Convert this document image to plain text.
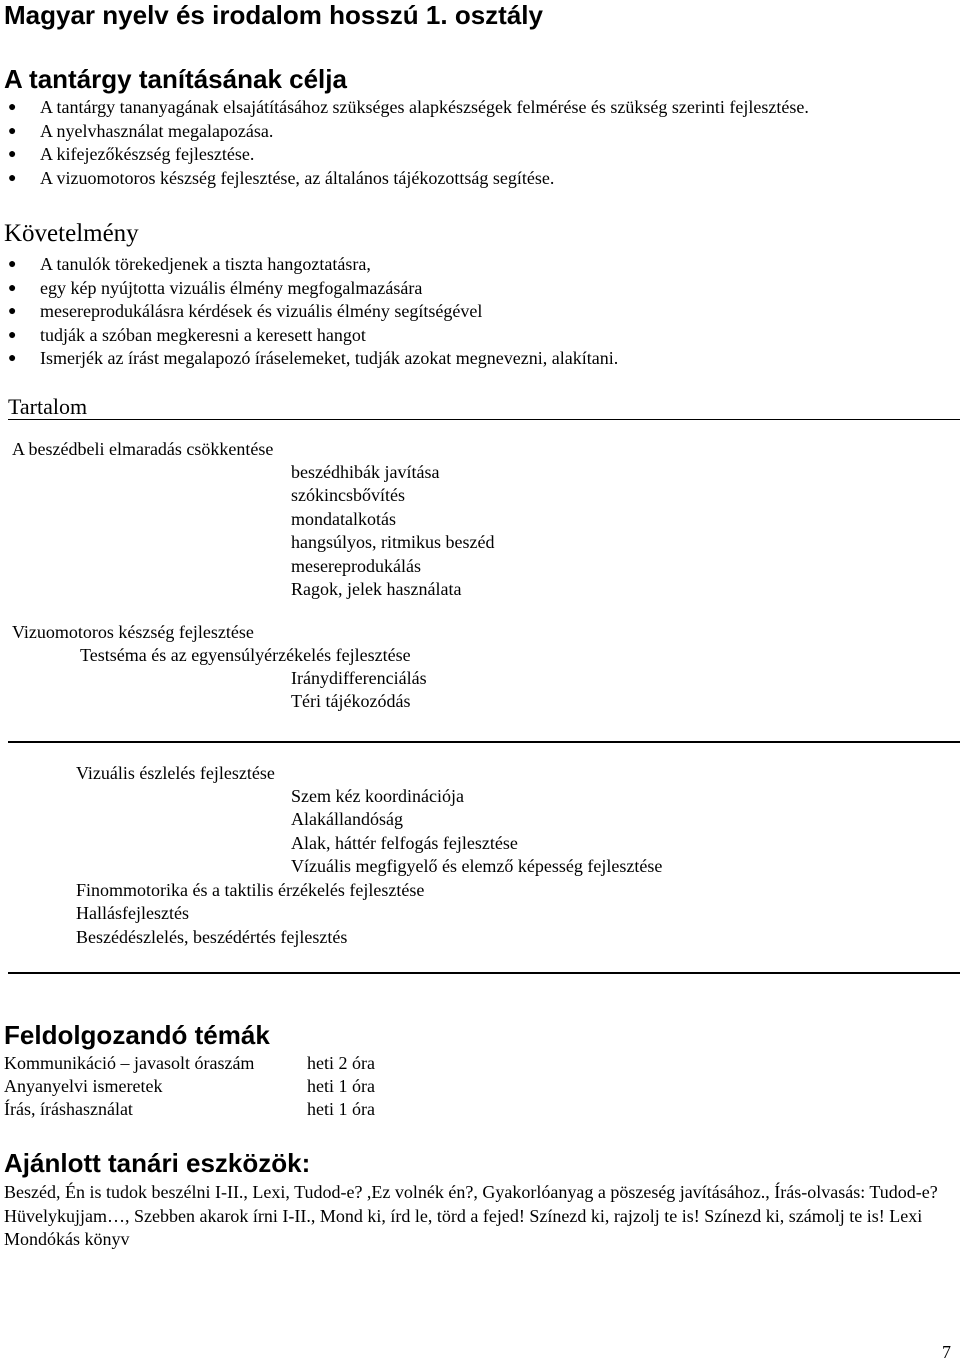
Magyar nyelv és irodalom hosszú 1. osztály
A tantárgy tanításának célja
● A tantárgy tananyagának elsajátításához szükséges alapkészségek felmérése és szükség szerinti fejlesztése.
● A nyelvhasználat megalapozása.
● A kifejezőkészség fejlesztése.
● A vizuomotoros készség fejlesztése, az általános tájékozottság segítése.
Követelmény
● A tanulók törekedjenek a tiszta hangoztatásra,
● egy kép nyújtotta vizuális élmény megfogalmazására
● mesereprodukálásra kérdések és vizuális élmény segítségével
● tudják a szóban megkeresni a keresett hangot
● Ismerjék az írást megalapozó íráselemeket, tudják azokat megnevezni, alakítani.
Tartalom
A beszédbeli elmaradás csökkentése
beszédhibák javítása
szókincsbővítés
mondatalkotás
hangsúlyos, ritmikus beszéd
mesereprodukálás
Ragok, jelek használata
Vizuomotoros készség fejlesztése
Testséma és az egyensúlyérzékelés fejlesztése
Iránydifferenciálás
Téri tájékozódás
Vizuális észlelés fejlesztése
Szem kéz koordinációja
Alakállandóság
Alak, háttér felfogás fejlesztése
Vízuális megfigyelő és elemző képesség fejlesztése
Finommotorika és a taktilis érzékelés fejlesztése
Hallásfejlesztés
Beszédészlelés, beszédértés fejlesztés
Feldolgozandó témák
Kommunikáció – javasolt óraszám	heti 2 óra
Anyanyelvi ismeretek	heti 1 óra
Írás, íráshasználat	heti 1 óra
Ajánlott tanári eszközök:
Beszéd, Én is tudok beszélni I-II., Lexi, Tudod-e? ,Ez volnék én?, Gyakorlóanyag a pöszeség javításához., Írás-olvasás: Tudod-e? Hüvelykujjam…, Szebben akarok írni I-II., Mond ki, írd le, törd a fejed! Színezd ki, rajzolj te is! Színezd ki, számolj te is! Lexi Mondókás könyv
7
